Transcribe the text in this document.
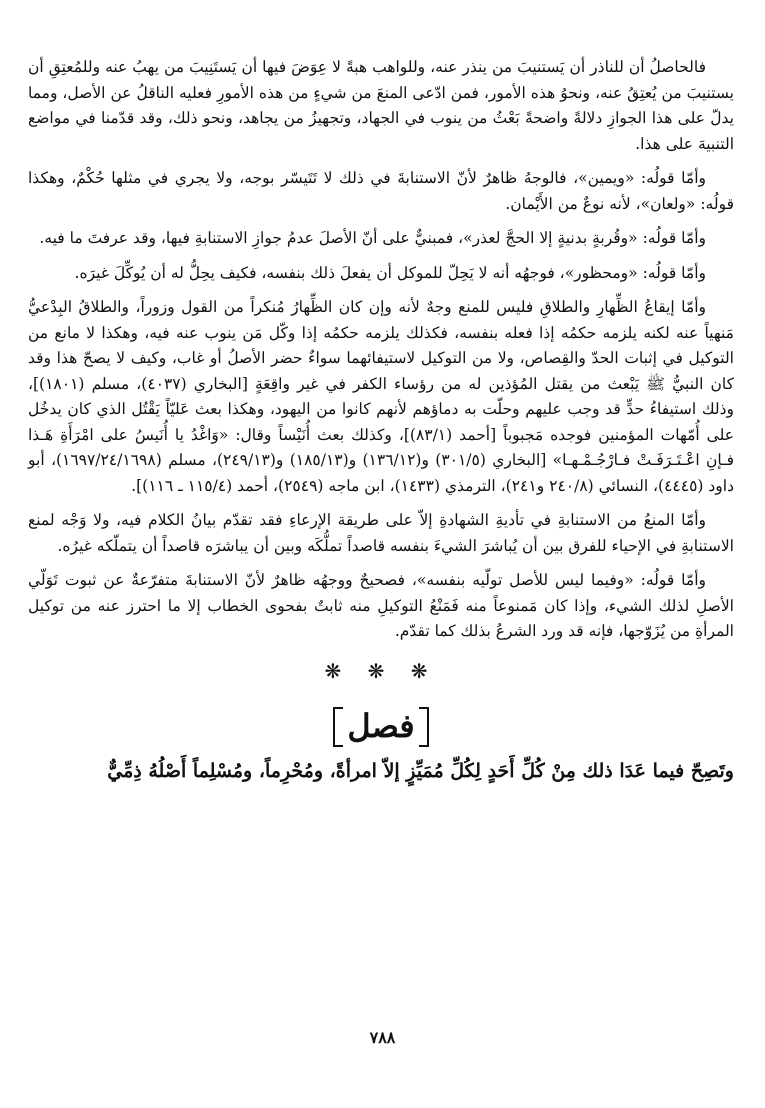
فالحاصلُ أن للناذر أن يَستنيبَ من ينذر عنه، وللواهب هبةً لا عِوَضَ فيها أن يَستَنِيبَ من يهبُ عنه وللمُعتِقِ أن يستنيبَ من يُعتِقُ عنه، ونحوُ هذه الأمور، فمن ادّعى المنعَ من شيءٍ من هذه الأمورِ فعليه الناقلُ عن الأصل، ومما يدلّ على هذا الجوازِ دلالةً واضحةً بَعْثُ من ينوب في الجهاد، وتجهيزُ من يجاهد، ونحو ذلك، وقد قدّمنا في مواضع التنبيهَ على هذا.

وأمّا قولُه: «ويمين»، فالوجهُ ظاهرٌ لأنّ الاستنابةَ في ذلك لا تَتَيسّر بوجه، ولا يجري في مثلها حُكْمٌ، وهكذا قولُه: «ولعان»، لأنه نوعٌ من الأَيْمان.

وأمّا قولُه: «وقُربةٍ بدنيةٍ إلا الحجَّ لعذر»، فمبنيٌّ على أنّ الأصلَ عدمُ جوازِ الاستنابةِ فيها، وقد عرفتَ ما فيه.

وأمّا قولُه: «ومحظور»، فوجهُه أنه لا يَحِلّ للموكل أن يفعلَ ذلك بنفسه، فكيف يحِلُّ له أن يُوكِّلَ غيرَه.

وأمّا إيقاعُ الظِّهارِ والطلاقِ فليس للمنع وجهٌ لأنه وإن كان الظِّهارُ مُنكراً من القول وزوراً، والطلاقُ البِدْعيُّ مَنهياً عنه لكنه يلزمه حكمُه إذا فعله بنفسه، فكذلك يلزمه حكمُه إذا وكّل مَن ينوب عنه فيه، وهكذا لا مانع من التوكيل في إثبات الحدّ والقِصاص، ولا من التوكيل لاستيفائهما سواءٌ حضر الأصلُ أو غاب، وكيف لا يصحّ هذا وقد كان النبيُّ ﷺ يَبْعث من يقتل المُؤذين له من رؤساء الكفر في غير واقِعَةٍ [البخاري (٤٠٣٧)، مسلم (١٨٠١)]، وذلك استيفاءُ حدٍّ قد وجب عليهم وحلّت به دماؤهم لأنهم كانوا من اليهود، وهكذا بعث عَليّاً يَقْتُل الذي كان يدخُل على أُمّهات المؤمنين فوجده مَجبوباً [أحمد (٨٣/١)]، وكذلك بعث أُنَيْساً وقال: «وَاغْدُ يا أُنَيسُ على امْرَأَةِ هَـذا فـإنِ اعْـتَـرَفَـتْ فـارْجُـمْـهـا» [البخاري (٣٠١/٥) و(١٣٦/١٢) و(١٨٥/١٣) و(٢٤٩/١٣)، مسلم (١٦٩٧/٢٤/١٦٩٨)، أبو داود (٤٤٤٥)، النسائي (٢٤٠/٨ و٢٤١)، الترمذي (١٤٣٣)، ابن ماجه (٢٥٤٩)، أحمد (١١٥/٤ ـ ١١٦)].

وأمّا المنعُ من الاستنابةِ في تأديةِ الشهادةِ إلاّ على طريقة الإرعاءِ فقد تقدّم بيانُ الكلام فيه، ولا وَجْه لمنع الاستنابةِ في الإحياء للفرق بين أن يُباشرَ الشيءَ بنفسه قاصداً تملُّكَه وبين أن يباشرَه قاصداً أن يتملّكه غيرُه.

وأمّا قولُه: «وفيما ليس للأصل تولّيه بنفسه»، فصحيحٌ ووجهُه ظاهرٌ لأنّ الاستنابةَ متفرّعةٌ عن ثبوت تَوَلّي الأصلِ لذلك الشيء، وإذا كان مَمنوعاً منه فَمَنْعُ التوكيلِ منه ثابتٌ بفحوى الخطاب إلا ما احترز عنه من توكيل المرأةِ من يُزَوّجها، فإنه قد ورد الشرعُ بذلك كما تقدّم.

❋ ❋ ❋
فصل

وتَصِحّ فيما عَدَا ذلك مِنْ كُلِّ أَحَدٍ لِكُلِّ مُمَيِّزٍ إلاّ امرأةً، ومُحْرِماً، ومُسْلِماً أَصْلُهُ ذِمِّيٌّ

٧٨٨
